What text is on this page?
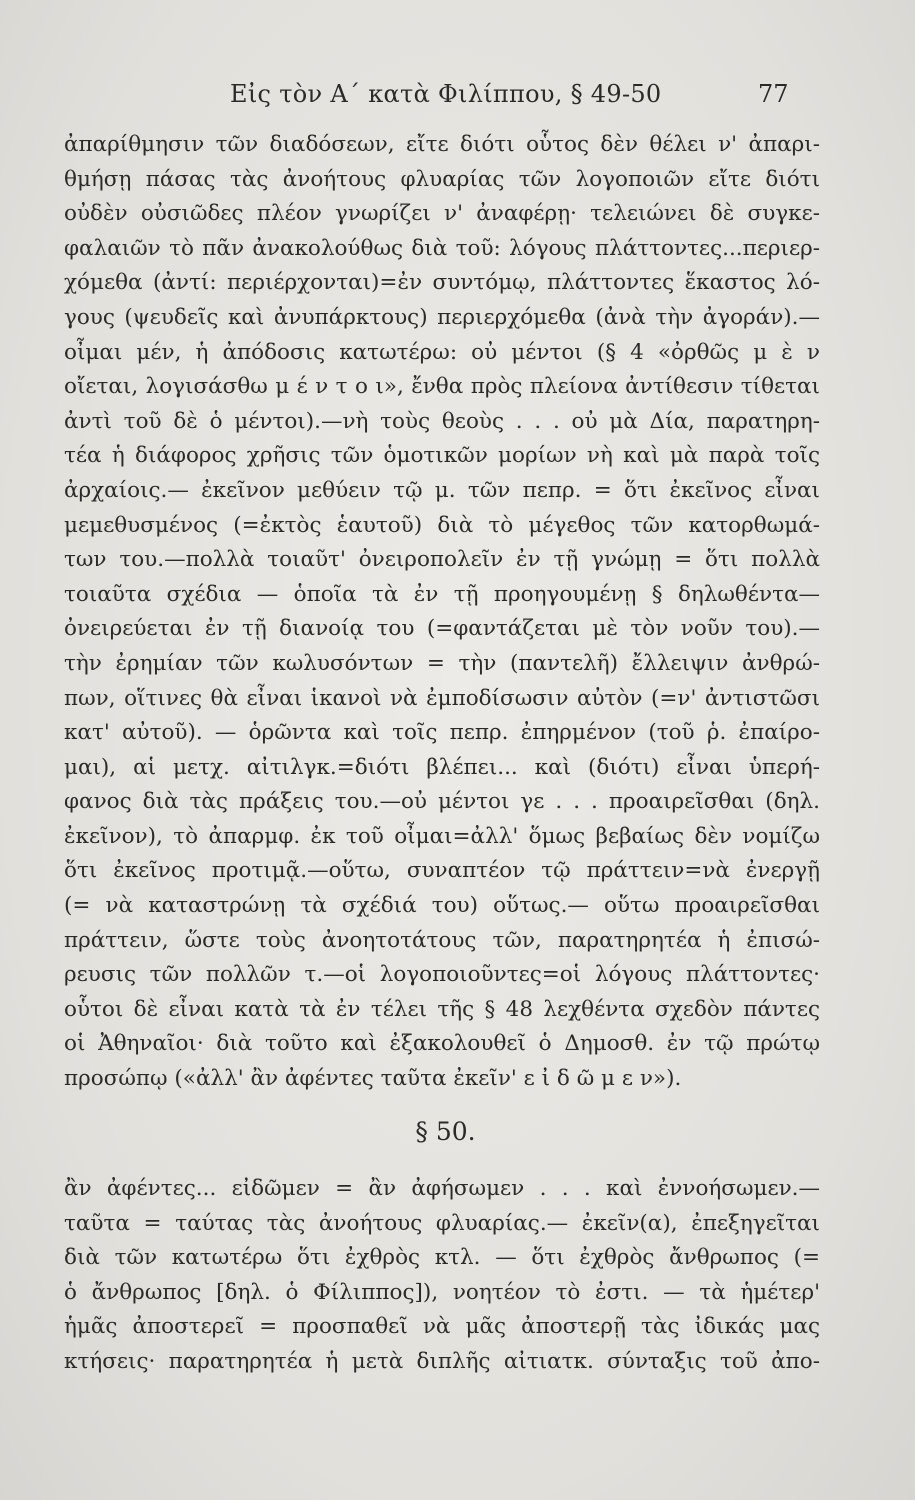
Εἰς τὸν Α΄ κατὰ Φιλίππου, § 49-50	77
ἀπαρίθμησιν τῶν διαδόσεων, εἴτε διότι οὗτος δὲν θέλει ν' ἀπαρι-
θμήσῃ πάσας τὰς ἀνοήτους φλυαρίας τῶν λογοποιῶν εἴτε διότι
οὐδὲν οὐσιῶδες πλέον γνωρίζει ν' ἀναφέρῃ· τελειώνει δὲ συγκε-
φαλαιῶν τὸ πᾶν ἀνακολούθως διὰ τοῦ: λόγους πλάττοντες...περιερ-
χόμεθα (ἀντί: περιέρχονται)=ἐν συντόμῳ, πλάττοντες ἕκαστος λό-
γους (ψευδεῖς καὶ ἀνυπάρκτους) περιερχόμεθα (ἀνὰ τὴν ἀγοράν).—
οἶμαι μέν, ἡ ἀπόδοσις κατωτέρω: οὐ μέντοι (§ 4 «ὀρθῶς μ ὲ ν
οἴεται, λογισάσθω μ έ ν τ ο ι», ἔνθα πρὸς πλείονα ἀντίθεσιν τίθεται
ἀντὶ τοῦ δὲ ὁ μέντοι).—νὴ τοὺς θεοὺς . . . οὐ μὰ Δία, παρατηρη-
τέα ἡ διάφορος χρῆσις τῶν ὁμοτικῶν μορίων νὴ καὶ μὰ παρὰ τοῖς
ἀρχαίοις.— ἐκεῖνον μεθύειν τῷ μ. τῶν πεπρ. = ὅτι ἐκεῖνος εἶναι
μεμεθυσμένος (=ἐκτὸς ἑαυτοῦ) διὰ τὸ μέγεθος τῶν κατορθωμά-
των του.—πολλὰ τοιαῦτ' ὀνειροπολεῖν ἐν τῇ γνώμῃ = ὅτι πολλὰ
τοιαῦτα σχέδια — ὁποῖα τὰ ἐν τῇ προηγουμένῃ § δηλωθέντα—
ὀνειρεύεται ἐν τῇ διανοίᾳ του (=φαντάζεται μὲ τὸν νοῦν του).—
τὴν ἐρημίαν τῶν κωλυσόντων = τὴν (παντελῆ) ἔλλειψιν ἀνθρώ-
πων, οἵτινες θὰ εἶναι ἱκανοὶ νὰ ἐμποδίσωσιν αὐτὸν (=ν' ἀντιστῶσι
κατ' αὐτοῦ). — ὁρῶντα καὶ τοῖς πεπρ. ἐπηρμένον (τοῦ ῥ. ἐπαίρο-
μαι), αἱ μετχ. αἰτιλγκ.=διότι βλέπει... καὶ (διότι) εἶναι ὑπερή-
φανος διὰ τὰς πράξεις του.—οὐ μέντοι γε . . . προαιρεῖσθαι (δηλ.
ἐκεῖνον), τὸ ἀπαρμφ. ἐκ τοῦ οἶμαι=ἀλλ' ὅμως βεβαίως δὲν νομίζω
ὅτι ἐκεῖνος προτιμᾷ.—οὕτω, συναπτέον τῷ πράττειν=νὰ ἐνεργῇ
(= νὰ καταστρώνῃ τὰ σχέδιά του) οὕτως.— οὕτω προαιρεῖσθαι
πράττειν, ὥστε τοὺς ἀνοητοτάτους τῶν, παρατηρητέα ἡ ἐπισώ-
ρευσις τῶν πολλῶν τ.—οἱ λογοποιοῦντες=οἱ λόγους πλάττοντες·
οὗτοι δὲ εἶναι κατὰ τὰ ἐν τέλει τῆς § 48 λεχθέντα σχεδὸν πάντες
οἱ Ἀθηναῖοι· διὰ τοῦτο καὶ ἐξακολουθεῖ ὁ Δημοσθ. ἐν τῷ πρώτῳ
προσώπῳ («ἀλλ' ἂν ἀφέντες ταῦτα ἐκεῖν' ε ἰ δ ῶ μ ε ν»).
§ 50.
ἂν ἀφέντες... εἰδῶμεν = ἂν ἀφήσωμεν . . . καὶ ἐννοήσωμεν.—
ταῦτα = ταύτας τὰς ἀνοήτους φλυαρίας.— ἐκεῖν(α), ἐπεξηγεῖται
διὰ τῶν κατωτέρω ὅτι ἐχθρὸς κτλ. — ὅτι ἐχθρὸς ἄνθρωπος (=
ὁ ἄνθρωπος [δηλ. ὁ Φίλιππος]), νοητέον τὸ ἐστι. — τὰ ἡμέτερ'
ἡμᾶς ἀποστερεῖ = προσπαθεῖ νὰ μᾶς ἀποστερῇ τὰς ἰδικάς μας
κτήσεις· παρατηρητέα ἡ μετὰ διπλῆς αἰτιατκ. σύνταξις τοῦ ἀπο-
